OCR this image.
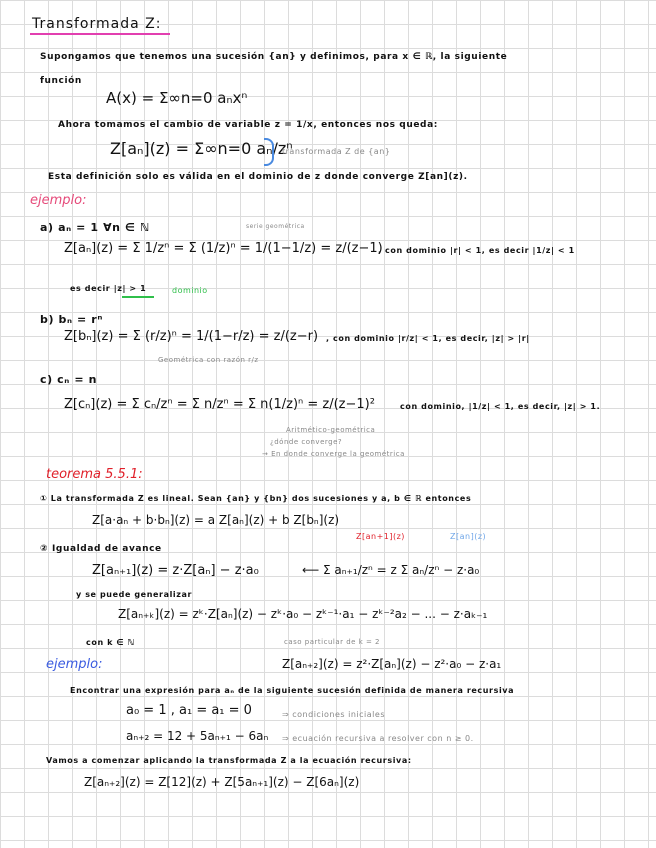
Transformada Z:
Supongamos que tenemos una sucesión {an} y definimos, para x ∈ ℝ, la siguiente
función
A(x) = Σ∞n=0 aₙxⁿ
Ahora tomamos el cambio de variable z = 1/x, entonces nos queda:
Z[aₙ](z) = Σ∞n=0 aₙ/zⁿ
transformada Z de {an}
Esta definición solo es válida en el dominio de z donde converge Z[an](z).
ejemplo:
a) aₙ = 1 ∀n ∈ ℕ	serie geométrica
Z[aₙ](z) = Σ 1/zⁿ = Σ (1/z)ⁿ = 1/(1−1/z) = z/(z−1)
, con dominio |r| < 1, es decir |1/z| < 1
es decir |z| > 1	dominio
b) bₙ = rⁿ
Z[bₙ](z) = Σ (r/z)ⁿ = 1/(1−r/z) = z/(z−r) , con dominio |r/z| < 1, es decir, |z| > |r|
Geométrica con razón r/z
c) cₙ = n
Z[cₙ](z) = Σ cₙ/zⁿ = Σ n/zⁿ = Σ n(1/z)ⁿ = z/(z−1)²	con dominio, |1/z| < 1, es decir, |z| > 1.
Aritmético-geométrica
¿dónde converge?
→ En donde converge la geométrica
teorema 5.5.1:
① La transformada Z es lineal. Sean {an} y {bn} dos sucesiones y a, b ∈ ℝ entonces
Z[a·aₙ + b·bₙ](z) = a Z[aₙ](z) + b Z[bₙ](z)
② Igualdad de avance
Z[an+1](z)	Z[an](z)
Z[aₙ₊₁](z) = z·Z[aₙ] − z·a₀	⟵ Σ aₙ₊₁/zⁿ = z Σ aₙ/zⁿ − z·a₀
y se puede generalizar
Z[aₙ₊ₖ](z) = zᵏ·Z[aₙ](z) − zᵏ·a₀ − zᵏ⁻¹·a₁ − zᵏ⁻²a₂ − ... − z·aₖ₋₁
con k ∈ ℕ	caso particular de k = 2
ejemplo:	Z[aₙ₊₂](z) = z²·Z[aₙ](z) − z²·a₀ − z·a₁
Encontrar una expresión para aₙ de la siguiente sucesión definida de manera recursiva
a₀ = 1 , a₁ = a₁ = 0	⇒ condiciones iniciales
aₙ₊₂ = 12 + 5aₙ₊₁ − 6aₙ ⇒ ecuación recursiva a resolver con n ≥ 0.
Vamos a comenzar aplicando la transformada Z a la ecuación recursiva:
Z[aₙ₊₂](z) = Z[12](z) + Z[5aₙ₊₁](z) − Z[6aₙ](z)
